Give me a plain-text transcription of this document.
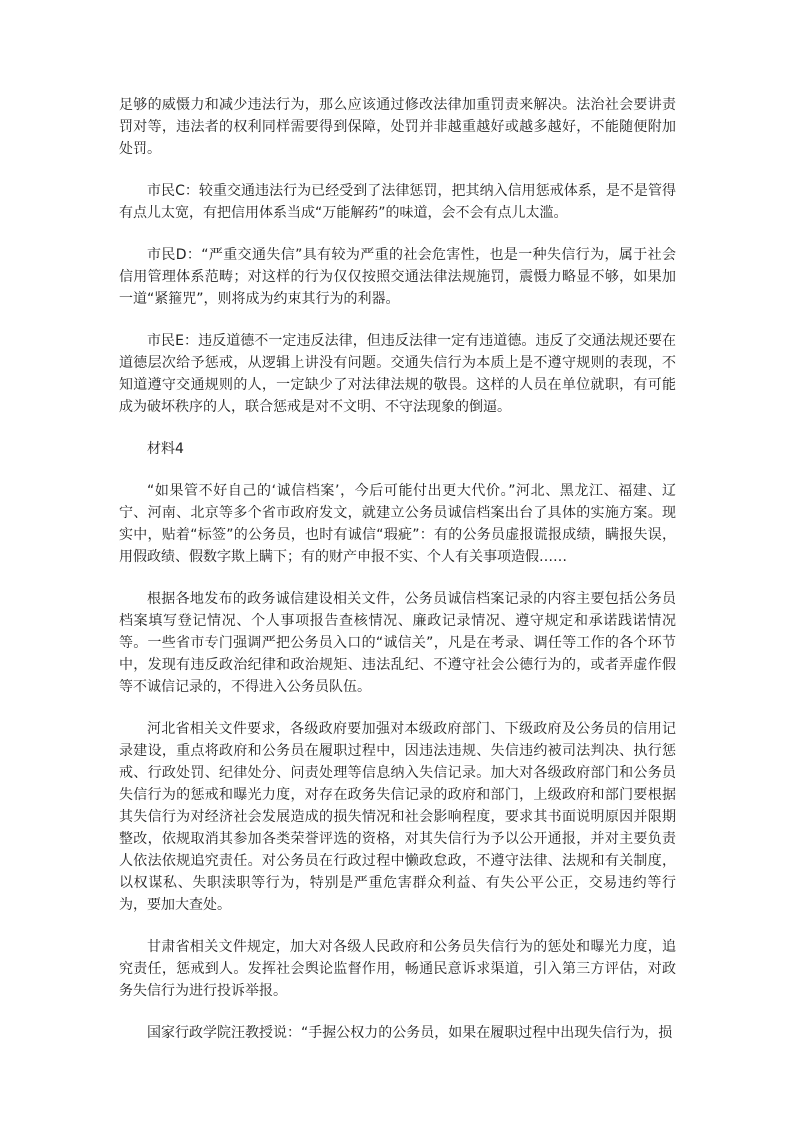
足够的威慑力和减少违法行为，那么应该通过修改法律加重罚责来解决。法治社会要讲责罚对等，违法者的权利同样需要得到保障，处罚并非越重越好或越多越好，不能随便附加处罚。

市民C：较重交通违法行为已经受到了法律惩罚，把其纳入信用惩戒体系，是不是管得有点儿太宽，有把信用体系当成“万能解药”的味道，会不会有点儿太滥。

市民D：“严重交通失信”具有较为严重的社会危害性，也是一种失信行为，属于社会信用管理体系范畴；对这样的行为仅仅按照交通法律法规施罚，震慑力略显不够，如果加一道“紧箍咒”，则将成为约束其行为的利器。

市民E：违反道德不一定违反法律，但违反法律一定有违道德。违反了交通法规还要在道德层次给予惩戒，从逻辑上讲没有问题。交通失信行为本质上是不遵守规则的表现，不知道遵守交通规则的人，一定缺少了对法律法规的敬畏。这样的人员在单位就职，有可能成为破坏秩序的人，联合惩戒是对不文明、不守法现象的倒逼。

材料4

“如果管不好自己的‘诚信档案’，今后可能付出更大代价。”河北、黑龙江、福建、辽宁、河南、北京等多个省市政府发文，就建立公务员诚信档案出台了具体的实施方案。现实中，贴着“标签”的公务员，也时有诚信“瑕疵”：有的公务员虚报谎报成绩，瞒报失误，用假政绩、假数字欺上瞒下；有的财产申报不实、个人有关事项造假……

根据各地发布的政务诚信建设相关文件，公务员诚信档案记录的内容主要包括公务员档案填写登记情况、个人事项报告查核情况、廉政记录情况、遵守规定和承诺践诺情况等。一些省市专门强调严把公务员入口的“诚信关”，凡是在考录、调任等工作的各个环节中，发现有违反政治纪律和政治规矩、违法乱纪、不遵守社会公德行为的，或者弄虚作假等不诚信记录的，不得进入公务员队伍。

河北省相关文件要求，各级政府要加强对本级政府部门、下级政府及公务员的信用记录建设，重点将政府和公务员在履职过程中，因违法违规、失信违约被司法判决、执行惩戒、行政处罚、纪律处分、问责处理等信息纳入失信记录。加大对各级政府部门和公务员失信行为的惩戒和曝光力度，对存在政务失信记录的政府和部门，上级政府和部门要根据其失信行为对经济社会发展造成的损失情况和社会影响程度，要求其书面说明原因并限期整改，依规取消其参加各类荣誉评选的资格，对其失信行为予以公开通报，并对主要负责人依法依规追究责任。对公务员在行政过程中懒政怠政，不遵守法律、法规和有关制度，以权谋私、失职渎职等行为，特别是严重危害群众利益、有失公平公正，交易违约等行为，要加大查处。

甘肃省相关文件规定，加大对各级人民政府和公务员失信行为的惩处和曝光力度，追究责任，惩戒到人。发挥社会舆论监督作用，畅通民意诉求渠道，引入第三方评估，对政务失信行为进行投诉举报。

国家行政学院汪教授说：“手握公权力的公务员，如果在履职过程中出现失信行为，损
